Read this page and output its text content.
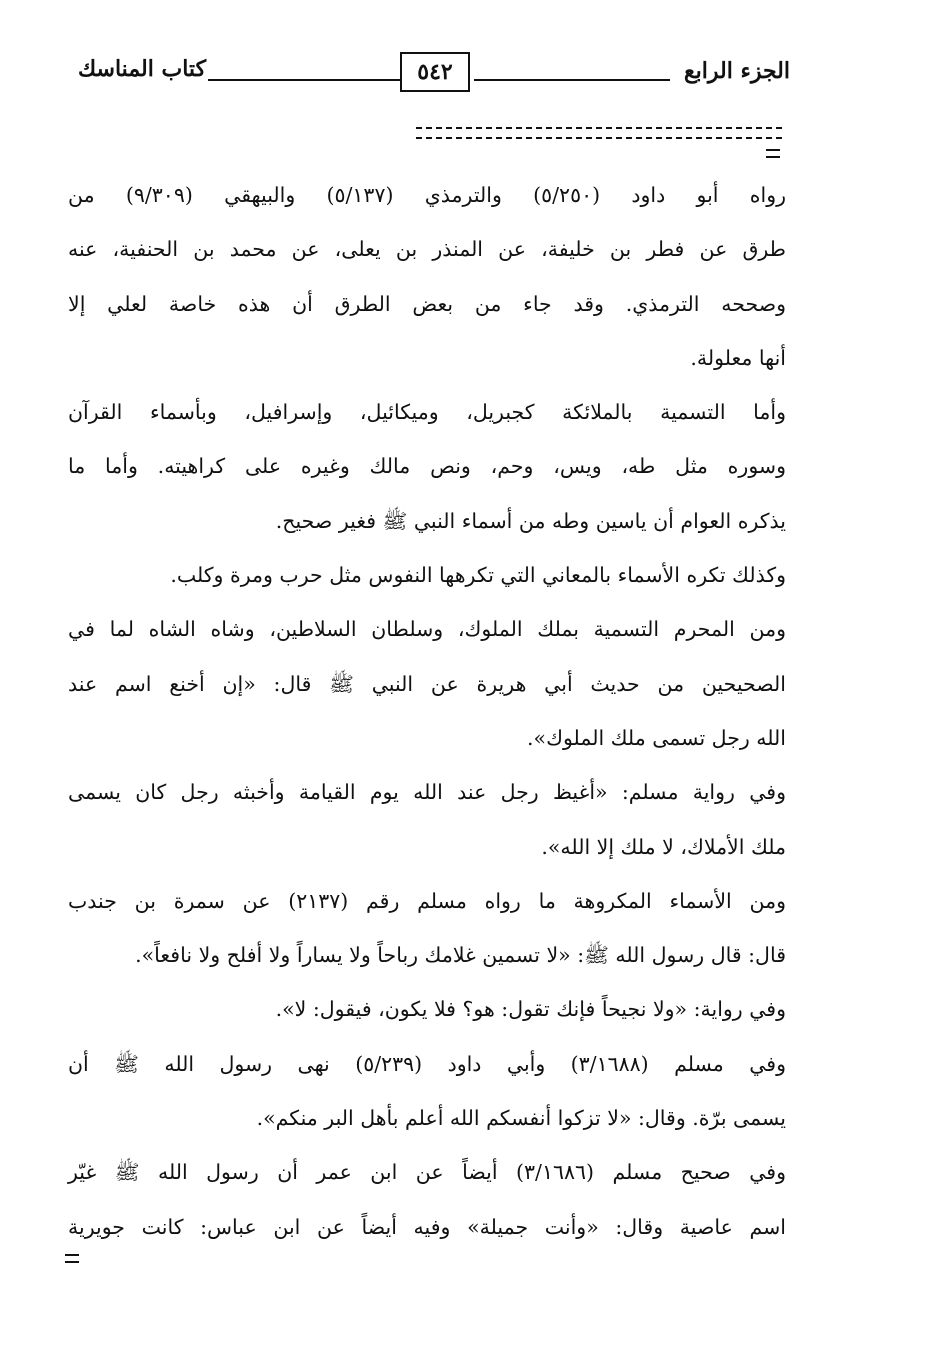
الجزء الرابع
٥٤٢
كتاب المناسك
رواه أبو داود (٥/٢٥٠) والترمذي (٥/١٣٧) والبيهقي (٩/٣٠٩) من
طرق عن فطر بن خليفة، عن المنذر بن يعلى، عن محمد بن الحنفية، عنه
وصححه الترمذي. وقد جاء من بعض الطرق أن هذه خاصة لعلي إلا
أنها معلولة.
وأما التسمية بالملائكة كجبريل، وميكائيل، وإسرافيل، وبأسماء القرآن
وسوره مثل طه، ويس، وحم، ونص مالك وغيره على كراهيته. وأما ما
يذكره العوام أن ياسين وطه من أسماء النبي ﷺ فغير صحيح.
وكذلك تكره الأسماء بالمعاني التي تكرهها النفوس مثل حرب ومرة وكلب.
ومن المحرم التسمية بملك الملوك، وسلطان السلاطين، وشاه الشاه لما في
الصحيحين من حديث أبي هريرة عن النبي ﷺ قال: «إن أخنع اسم عند
الله رجل تسمى ملك الملوك».
وفي رواية مسلم: «أغيظ رجل عند الله يوم القيامة وأخبثه رجل كان يسمى
ملك الأملاك، لا ملك إلا الله».
ومن الأسماء المكروهة ما رواه مسلم رقم (٢١٣٧) عن سمرة بن جندب
قال: قال رسول الله ﷺ: «لا تسمين غلامك رباحاً ولا يساراً ولا أفلح ولا نافعاً».
وفي رواية: «ولا نجيحاً فإنك تقول: هو؟ فلا يكون، فيقول: لا».
وفي مسلم (٣/١٦٨٨) وأبي داود (٥/٢٣٩) نهى رسول الله ﷺ أن
يسمى برّة. وقال: «لا تزكوا أنفسكم الله أعلم بأهل البر منكم».
وفي صحيح مسلم (٣/١٦٨٦) أيضاً عن ابن عمر أن رسول الله ﷺ غيّر
اسم عاصية وقال: «وأنت جميلة» وفيه أيضاً عن ابن عباس: كانت جويرية
